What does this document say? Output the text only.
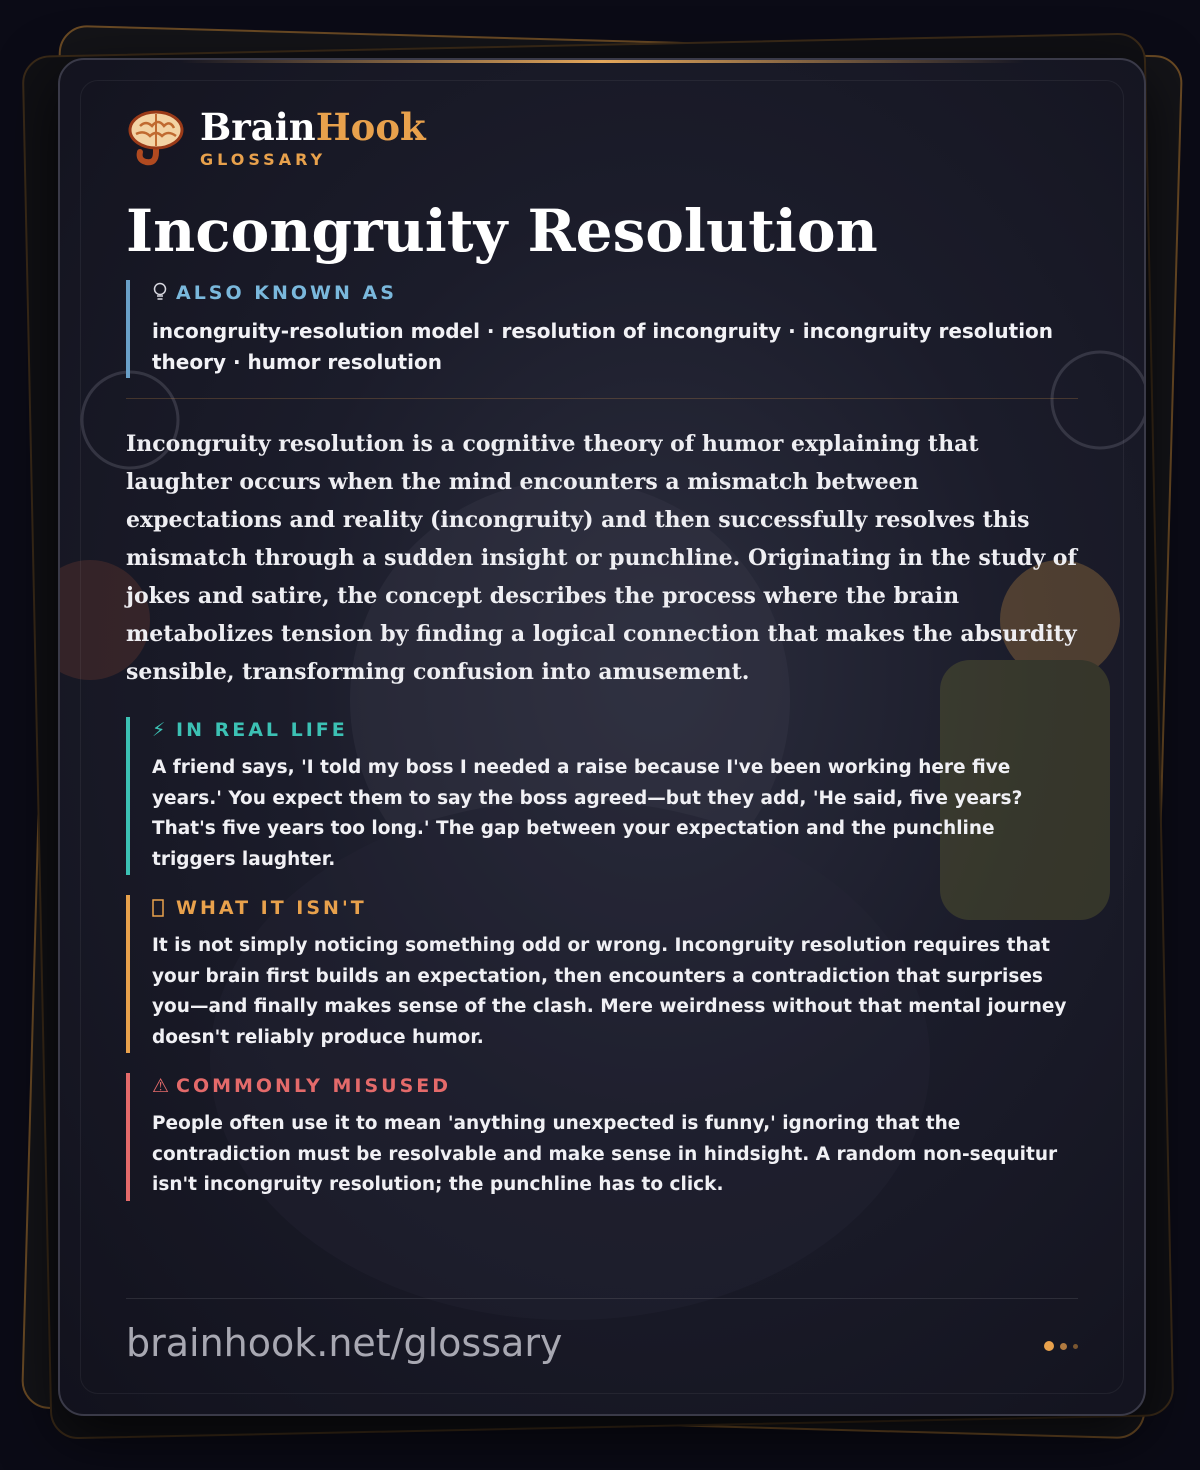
BrainHook
GLOSSARY
Incongruity Resolution
ALSO KNOWN AS
incongruity-resolution model · resolution of incongruity · incongruity resolution theory · humor resolution
Incongruity resolution is a cognitive theory of humor explaining that laughter occurs when the mind encounters a mismatch between expectations and reality (incongruity) and then successfully resolves this mismatch through a sudden insight or punchline. Originating in the study of jokes and satire, the concept describes the process where the brain metabolizes tension by finding a logical connection that makes the absurdity sensible, transforming confusion into amusement.
⚡ IN REAL LIFE
A friend says, 'I told my boss I needed a raise because I've been working here five years.' You expect them to say the boss agreed—but they add, 'He said, five years? That's five years too long.' The gap between your expectation and the punchline triggers laughter.
WHAT IT ISN'T
It is not simply noticing something odd or wrong. Incongruity resolution requires that your brain first builds an expectation, then encounters a contradiction that surprises you—and finally makes sense of the clash. Mere weirdness without that mental journey doesn't reliably produce humor.
⚠ COMMONLY MISUSED
People often use it to mean 'anything unexpected is funny,' ignoring that the contradiction must be resolvable and make sense in hindsight. A random non-sequitur isn't incongruity resolution; the punchline has to click.
brainhook.net/glossary
